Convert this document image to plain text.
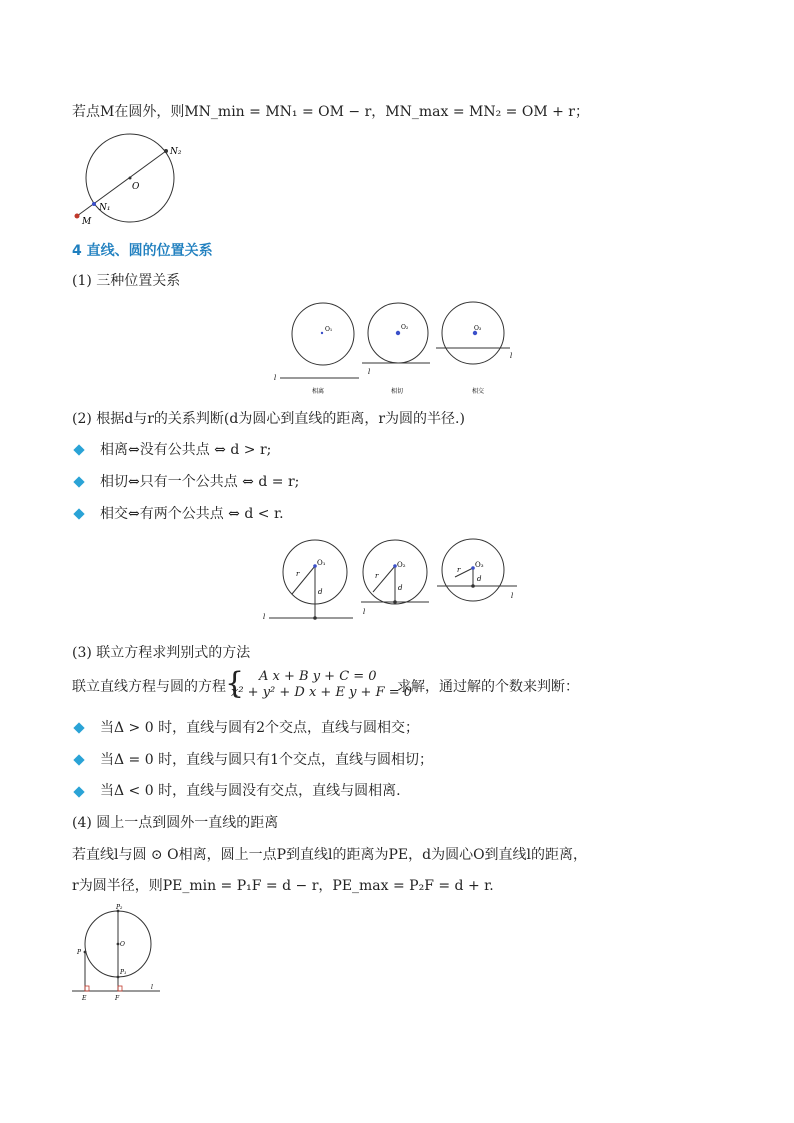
若点M在圆外，则MN_min = MN₁ = OM − r，MN_max = MN₂ = OM + r；
N₂
O
N₁
M
4 直线、圆的位置关系
(1) 三种位置关系
O₁
l
相离
O₂
l
相切
O₃
l
相交
(2) 根据d与r的关系判断(d为圆心到直线的距离，r为圆的半径.)
相离⇔没有公共点 ⇔ d > r;
相切⇔只有一个公共点 ⇔ d = r;
相交⇔有两个公共点 ⇔ d < r.
O₁
r
d
l
O₂
r
d
l
O₃
r
d
l
(3) 联立方程求判别式的方法
联立直线方程与圆的方程 { A x + B y + C = 0
x² + y² + D x + E y + F = 0
求解，通过解的个数来判断：
当Δ > 0 时，直线与圆有2个交点，直线与圆相交；
当Δ = 0 时，直线与圆只有1个交点，直线与圆相切；
当Δ < 0 时，直线与圆没有交点，直线与圆相离.
(4) 圆上一点到圆外一直线的距离
若直线l与圆 ⊙ O相离，圆上一点P到直线l的距离为PE，d为圆心O到直线l的距离，
r为圆半径，则PE_min = P₁F = d − r，PE_max = P₂F = d + r.
P₂
O
P
P₁
E	F
l
